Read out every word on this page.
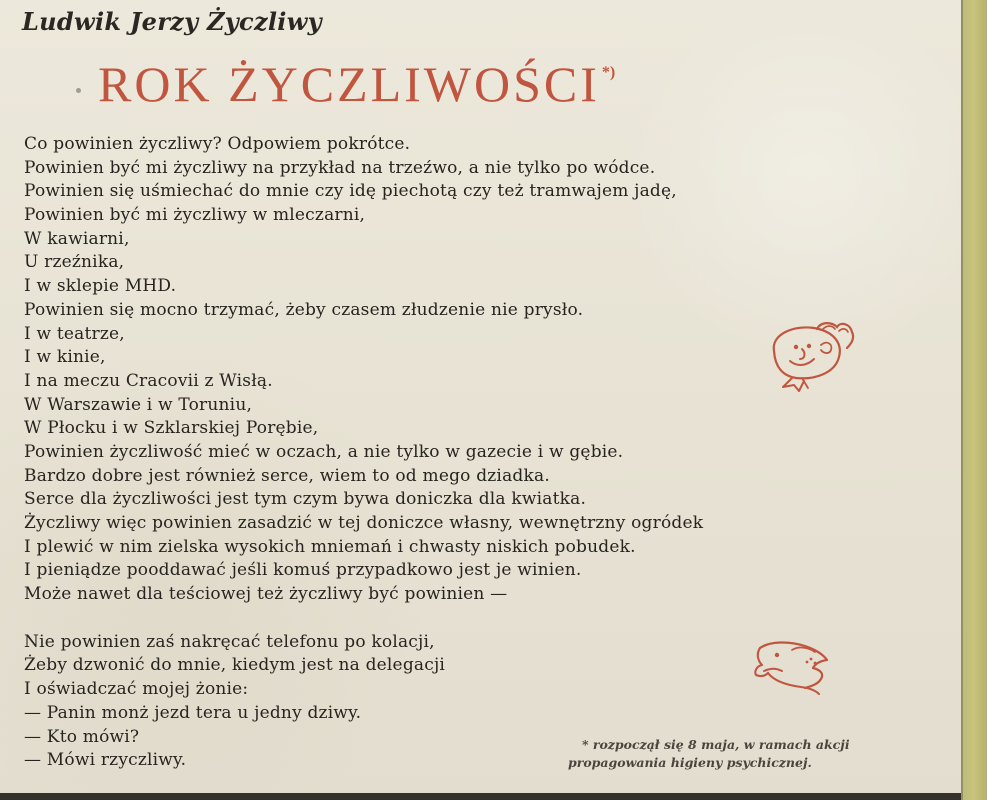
Ludwik Jerzy Życzliwy
ROK ŻYCZLIWOŚCI *)
Co powinien życzliwy? Odpowiem pokrótce.
Powinien być mi życzliwy na przykład na trzeźwo, a nie tylko po wódce.
Powinien się uśmiechać do mnie czy idę piechotą czy też tramwajem jadę,
Powinien być mi życzliwy w mleczarni,
W kawiarni,
U rzeźnika,
I w sklepie MHD.
Powinien się mocno trzymać, żeby czasem złudzenie nie prysło.
I w teatrze,
I w kinie,
I na meczu Cracovii z Wisłą.
W Warszawie i w Toruniu,
W Płocku i w Szklarskiej Porębie,
Powinien życzliwość mieć w oczach, a nie tylko w gazecie i w gębie.
Bardzo dobre jest również serce, wiem to od mego dziadka.
Serce dla życzliwości jest tym czym bywa doniczka dla kwiatka.
Życzliwy więc powinien zasadzić w tej doniczce własny, wewnętrzny ogródek
I plewić w nim zielska wysokich mniemań i chwasty niskich pobudek.
I pieniądze pooddawać jeśli komuś przypadkowo jest je winien.
Może nawet dla teściowej też życzliwy być powinien —
Nie powinien zaś nakręcać telefonu po kolacji,
Żeby dzwonić do mnie, kiedym jest na delegacji
I oświadczać mojej żonie:
— Panin monż jezd tera u jedny dziwy.
— Kto mówi?
— Mówi rzyczliwy.
* rozpoczął się 8 maja, w ramach akcji
propagowania higieny psychicznej.
